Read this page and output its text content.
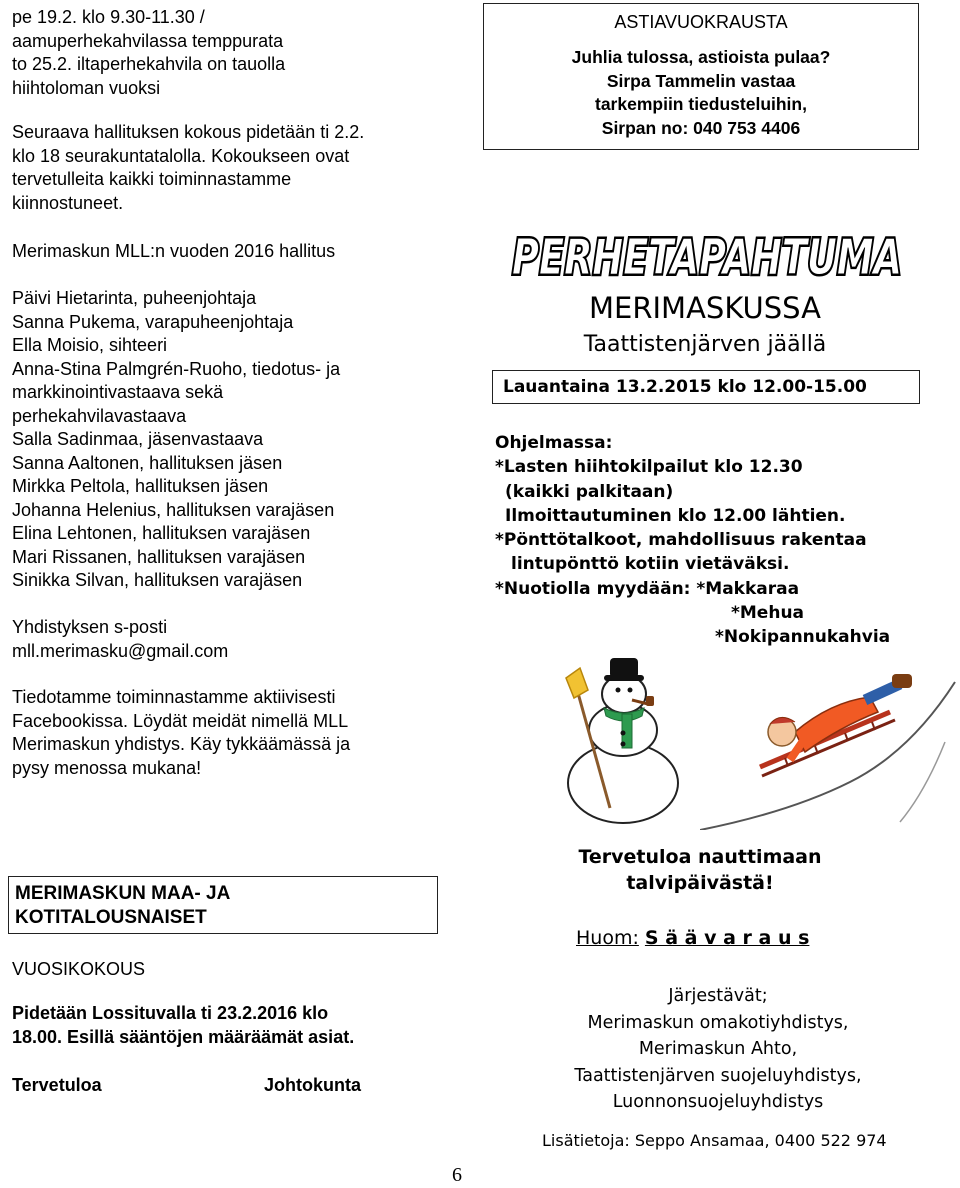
pe 19.2. klo 9.30-11.30 /
aamuperhekahvilassa temppurata
to 25.2. iltaperhekahvila on tauolla
hiihtoloman vuoksi
Seuraava hallituksen kokous pidetään ti 2.2.
klo 18 seurakuntatalolla. Kokoukseen ovat
tervetulleita kaikki toiminnastamme
kiinnostuneet.
Merimaskun MLL:n vuoden 2016 hallitus
Päivi Hietarinta, puheenjohtaja
Sanna Pukema, varapuheenjohtaja
Ella Moisio, sihteeri
Anna-Stina Palmgrén-Ruoho, tiedotus- ja
markkinointivastaava sekä
perhekahvilavastaava
Salla Sadinmaa, jäsenvastaava
Sanna Aaltonen, hallituksen jäsen
Mirkka Peltola, hallituksen jäsen
Johanna Helenius, hallituksen varajäsen
Elina Lehtonen, hallituksen varajäsen
Mari Rissanen, hallituksen varajäsen
Sinikka Silvan, hallituksen varajäsen
Yhdistyksen s-posti
mll.merimasku@gmail.com
Tiedotamme toiminnastamme aktiivisesti
Facebookissa. Löydät meidät nimellä MLL
Merimaskun yhdistys. Käy tykkäämässä ja
pysy menossa mukana!
ASTIAVUOKRAUSTA
Juhlia tulossa, astioista pulaa?
Sirpa Tammelin vastaa
tarkempiin tiedusteluihin,
Sirpan no: 040 753 4406
PERHETAPAHTUMA
PERHETAPAHTUMA
MERIMASKUSSA
Taattistenjärven jäällä
Lauantaina 13.2.2015 klo 12.00-15.00
Ohjelmassa:
*Lasten hiihtokilpailut klo 12.30
(kaikki palkitaan)
Ilmoittautuminen klo 12.00 lähtien.
*Pönttötalkoot, mahdollisuus rakentaa
lintupönttö kotiin vietäväksi.
*Nuotiolla myydään: *Makkaraa
*Mehua
*Nokipannukahvia
MERIMASKUN MAA- JA
KOTITALOUSNAISET
VUOSIKOKOUS
Pidetään Lossituvalla ti 23.2.2016 klo
18.00. Esillä sääntöjen määräämät asiat.
Tervetuloa	Johtokunta
Tervetuloa nauttimaan
talvipäivästä!
Huom: S ä ä v a r a u s
Järjestävät;
Merimaskun omakotiyhdistys,
Merimaskun Ahto,
Taattistenjärven suojeluyhdistys,
Luonnonsuojeluyhdistys
Lisätietoja: Seppo Ansamaa, 0400 522 974
6
